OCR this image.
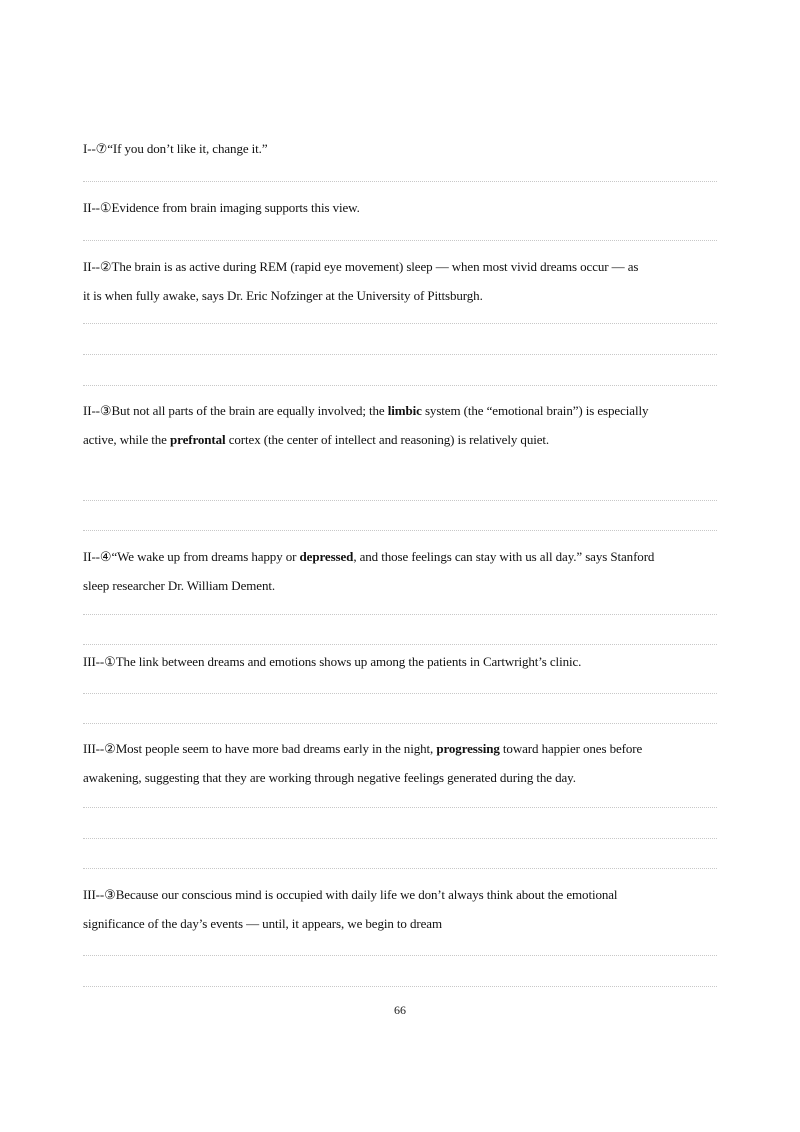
I--⑦“If you don’t like it, change it.”

II--①Evidence from brain imaging supports this view.

II--②The brain is as active during REM (rapid eye movement) sleep — when most vivid dreams occur — as
it is when fully awake, says Dr. Eric Nofzinger at the University of Pittsburgh.

II--③But not all parts of the brain are equally involved; the limbic system (the “emotional brain”) is especially
active, while the prefrontal cortex (the center of intellect and reasoning) is relatively quiet.

II--④“We wake up from dreams happy or depressed, and those feelings can stay with us all day.” says Stanford
sleep researcher Dr. William Dement.

III--①The link between dreams and emotions shows up among the patients in Cartwright’s clinic.

III--②Most people seem to have more bad dreams early in the night, progressing toward happier ones before
awakening, suggesting that they are working through negative feelings generated during the day.

III--③Because our conscious mind is occupied with daily life we don’t always think about the emotional
significance of the day’s events — until, it appears, we begin to dream

66
